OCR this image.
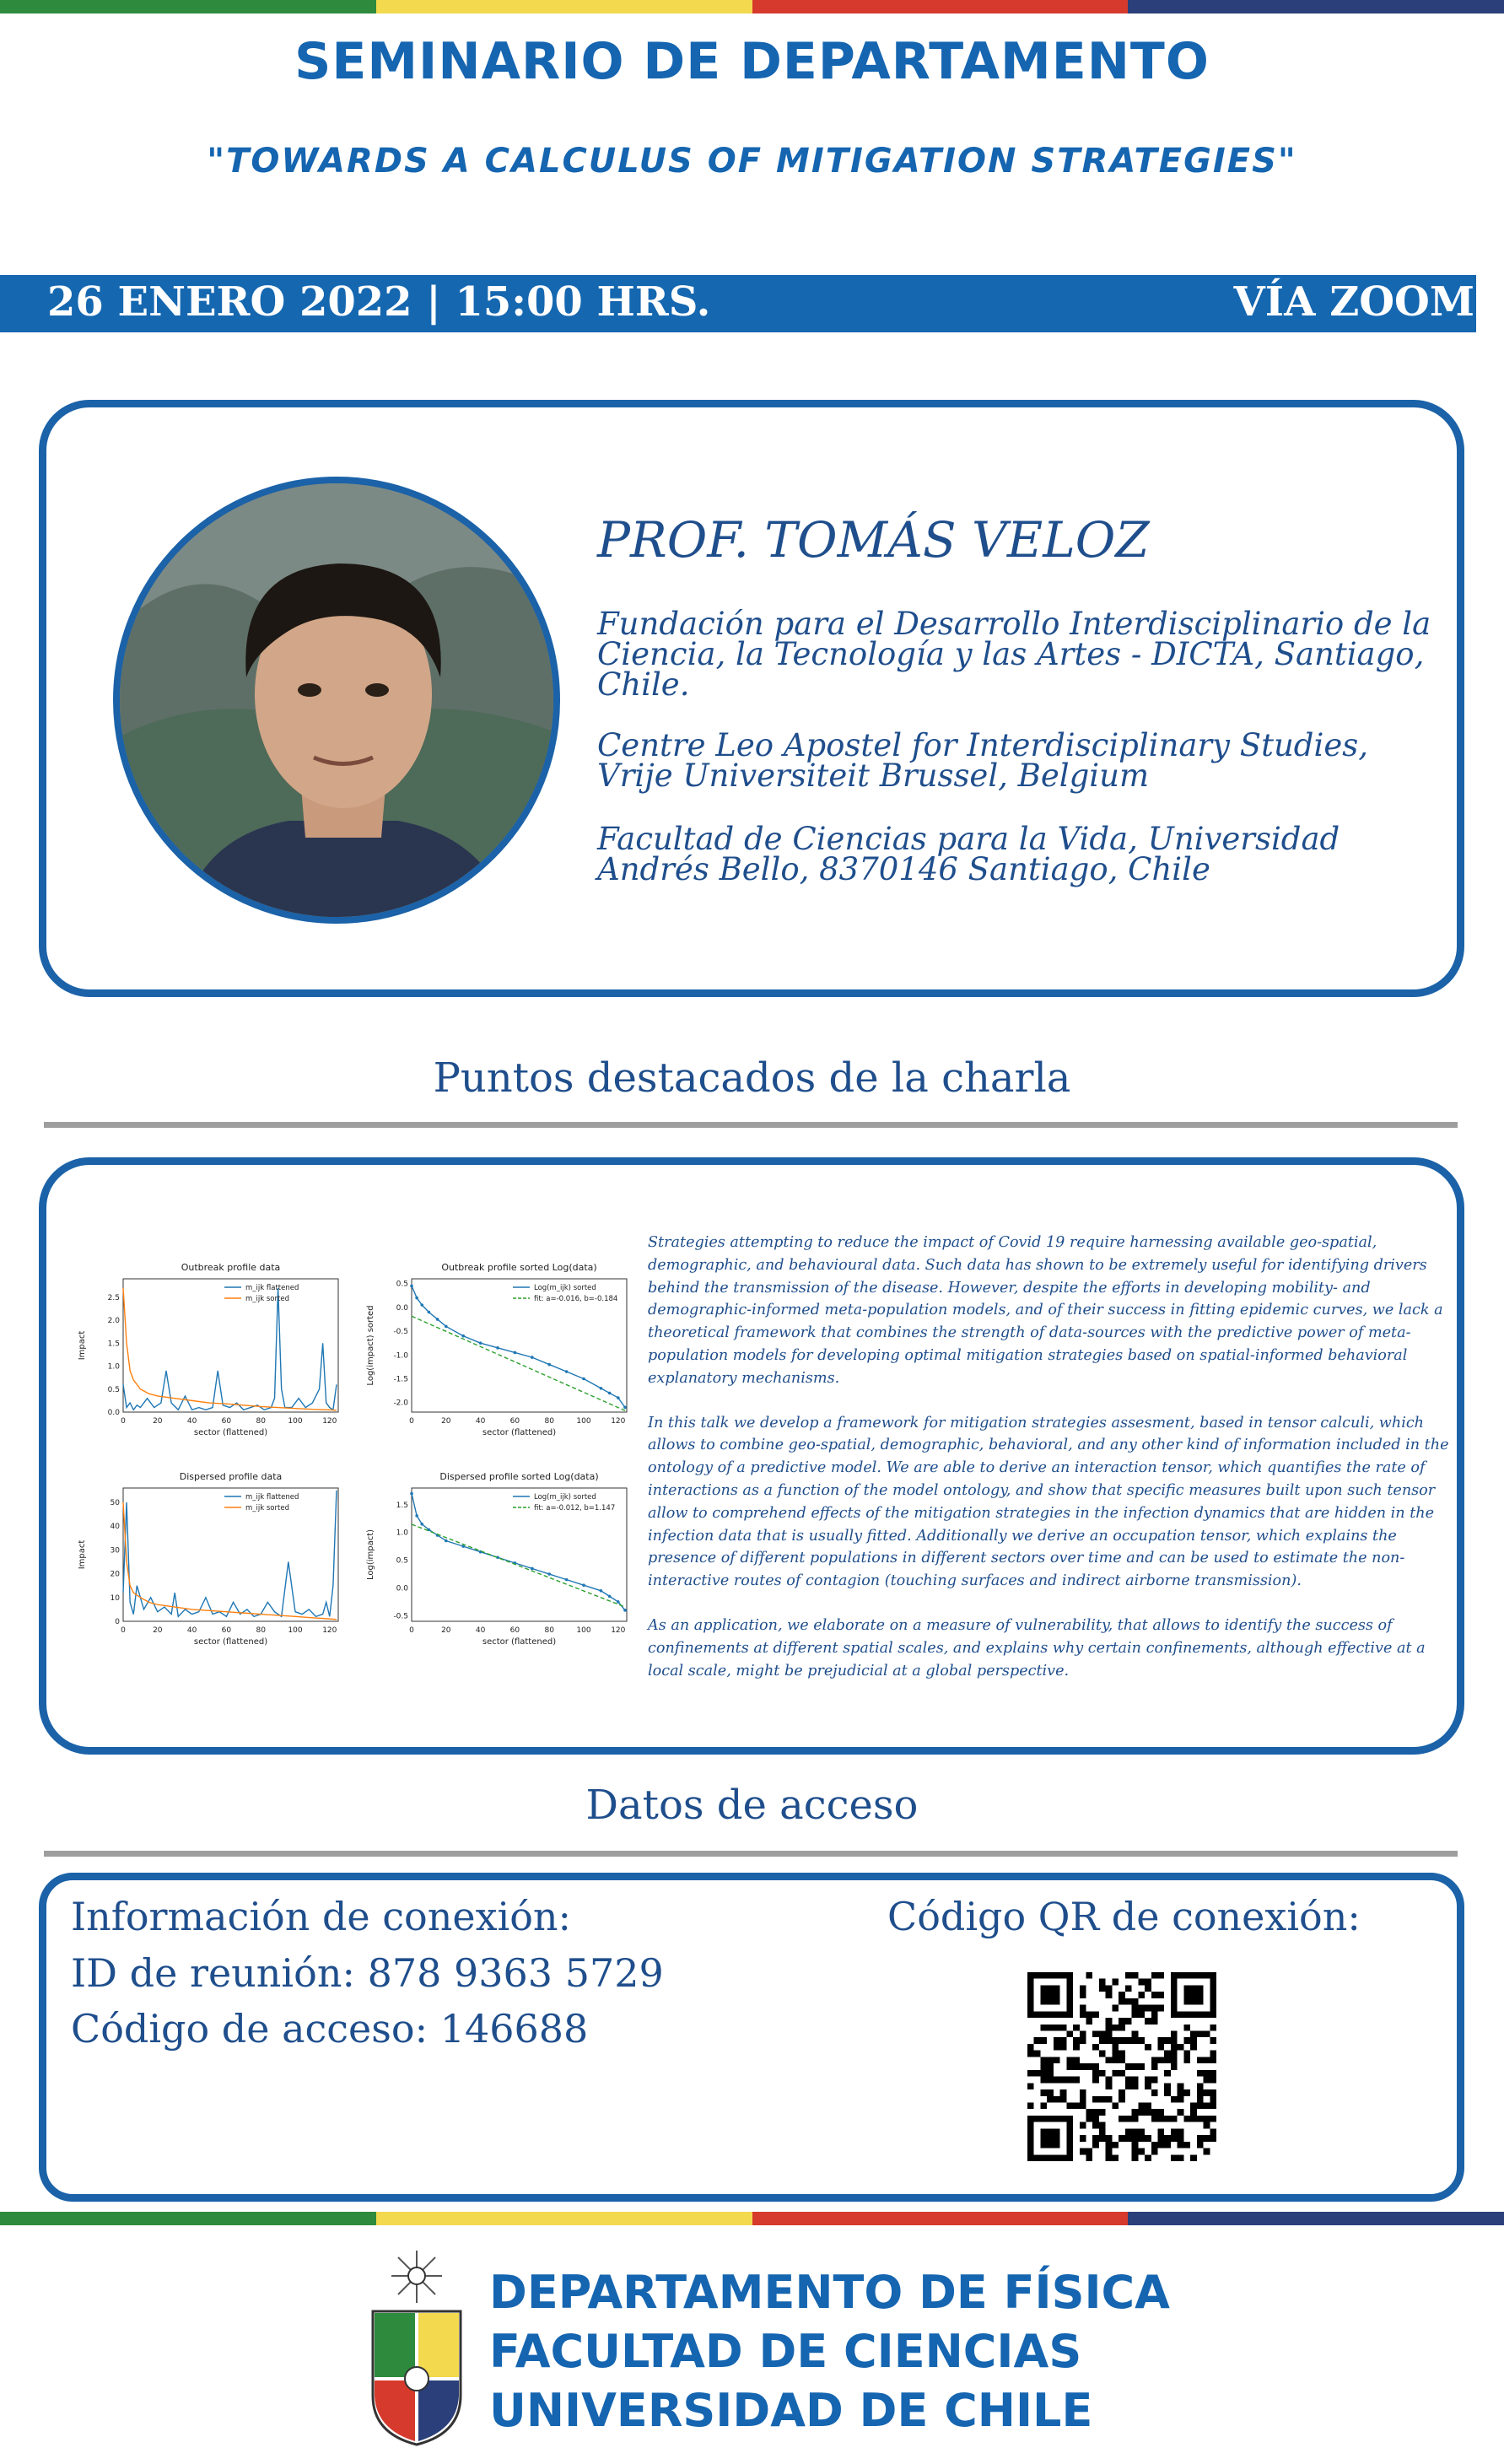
SEMINARIO DE DEPARTAMENTO
"TOWARDS A CALCULUS OF MITIGATION STRATEGIES"
26 ENERO 2022 | 15:00 HRS.	VÍA ZOOM
PROF. TOMÁS VELOZ
Fundación para el Desarrollo Interdisciplinario de la Ciencia, la Tecnología y las Artes - DICTA, Santiago, Chile.
Centre Leo Apostel for Interdisciplinary Studies, Vrije Universiteit Brussel, Belgium
Facultad de Ciencias para la Vida, Universidad Andrés Bello, 8370146 Santiago, Chile
Puntos destacados de la charla
Outbreak profile data
0	20	40	60	80	100	120
0.0
0.5
1.0
1.5
2.0
2.5
sector (flattened)
Impact
m_ijk flattened
m_ijk sorted
Outbreak profile sorted Log(data)
0	20	40	60	80	100	120
0.5
0.0
-0.5
-1.0
-1.5
-2.0
sector (flattened)
Log(impact) sorted
Log(m_ijk) sorted
fit: a=-0.016, b=-0.184
Dispersed profile data
0	20	40	60	80	100	120
0
10
20
30
40
50
sector (flattened)
Impact
m_ijk flattened
m_ijk sorted
Dispersed profile sorted Log(data)
0	20	40	60	80	100	120
1.5
1.0
0.5
0.0
-0.5
sector (flattened)
Log(impact)
Log(m_ijk) sorted
fit: a=-0.012, b=1.147

Strategies attempting to reduce the impact of Covid 19 require harnessing available geo-spatial, demographic, and behavioural data. Such data has shown to be extremely useful for identifying drivers behind the transmission of the disease. However, despite the efforts in developing mobility- and demographic-informed meta-population models, and of their success in fitting epidemic curves, we lack a theoretical framework that combines the strength of data-sources with the predictive power of meta-population models for developing optimal mitigation strategies based on spatial-informed behavioral explanatory mechanisms.

In this talk we develop a framework for mitigation strategies assesment, based in tensor calculi, which allows to combine geo-spatial, demographic, behavioral, and any other kind of information included in the ontology of a predictive model. We are able to derive an interaction tensor, which quantifies the rate of interactions as a function of the model ontology, and show that specific measures built upon such tensor allow to comprehend effects of the mitigation strategies in the infection dynamics that are hidden in the infection data that is usually fitted. Additionally we derive an occupation tensor, which explains the presence of different populations in different sectors over time and can be used to estimate the non-interactive routes of contagion (touching surfaces and indirect airborne transmission).

As an application, we elaborate on a measure of vulnerability, that allows to identify the success of confinements at different spatial scales, and explains why certain confinements, although effective at a local scale, might be prejudicial at a global perspective.

Datos de acceso
Información de conexión:
ID de reunión: 878 9363 5729
Código de acceso: 146688
Código QR de conexión:
DEPARTAMENTO DE FÍSICA
FACULTAD DE CIENCIAS
UNIVERSIDAD DE CHILE
